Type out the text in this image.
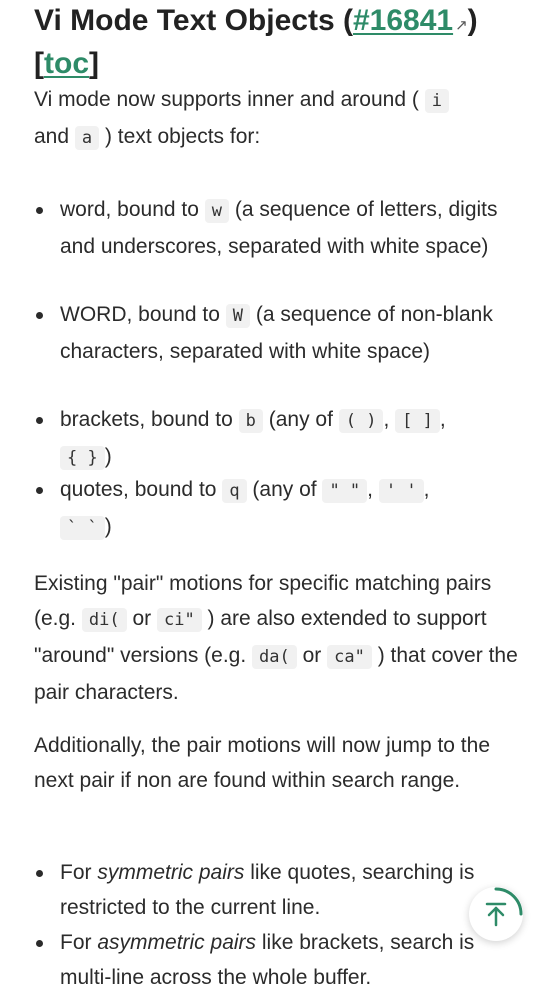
Vi Mode Text Objects (#16841 ↗)
[toc]

Vi mode now supports inner and around ( i
and a ) text objects for:

word, bound to w (a sequence of letters, digits and underscores, separated with white space)

WORD, bound to W (a sequence of non-blank characters, separated with white space)

brackets, bound to b (any of ( ) , [ ] ,
{ } )

quotes, bound to q (any of " " , ' ' ,
` ` )

Existing "pair" motions for specific matching pairs (e.g. di( or ci" ) are also extended to support "around" versions (e.g. da( or ca" ) that cover the pair characters.

Additionally, the pair motions will now jump to the next pair if non are found within search range.

For symmetric pairs like quotes, searching is restricted to the current line.

For asymmetric pairs like brackets, search is multi-line across the whole buffer.
